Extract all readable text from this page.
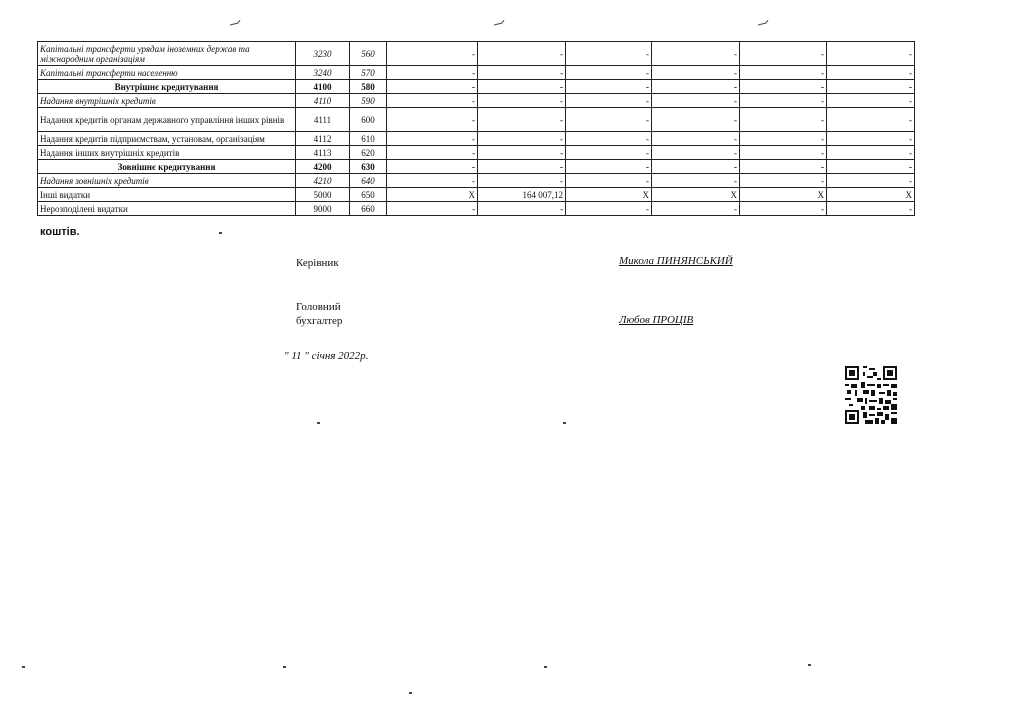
Капітальні трансферти урядам іноземних держав та міжнародним організаціям	3230	560	-	-	-	-	-	-
Капітальні трансферти населенню	3240	570	-	-	-	-	-	-
Внутрішнє кредитування	4100	580	-	-	-	-	-	-
Надання внутрішніх кредитів	4110	590	-	-	-	-	-	-
Надання кредитів органам державного управління інших рівнів	4111	600	-	-	-	-	-	-
Надання кредитів підприємствам, установам, організаціям	4112	610	-	-	-	-	-	-
Надання інших внутрішніх кредитів	4113	620	-	-	-	-	-	-
Зовнішнє кредитування	4200	630	-	-	-	-	-	-
Надання зовнішніх кредитів	4210	640	-	-	-	-	-	-
Інші видатки	5000	650	X	164 007,12	X	X	X	X
Нерозподілені видатки	9000	660	-	-	-	-	-	-
коштів.
Керівник	Микола ПИНЯНСЬКИЙ
Головний
бухгалтер	Любов ПРОЦІВ
" 11 " січня 2022р.
